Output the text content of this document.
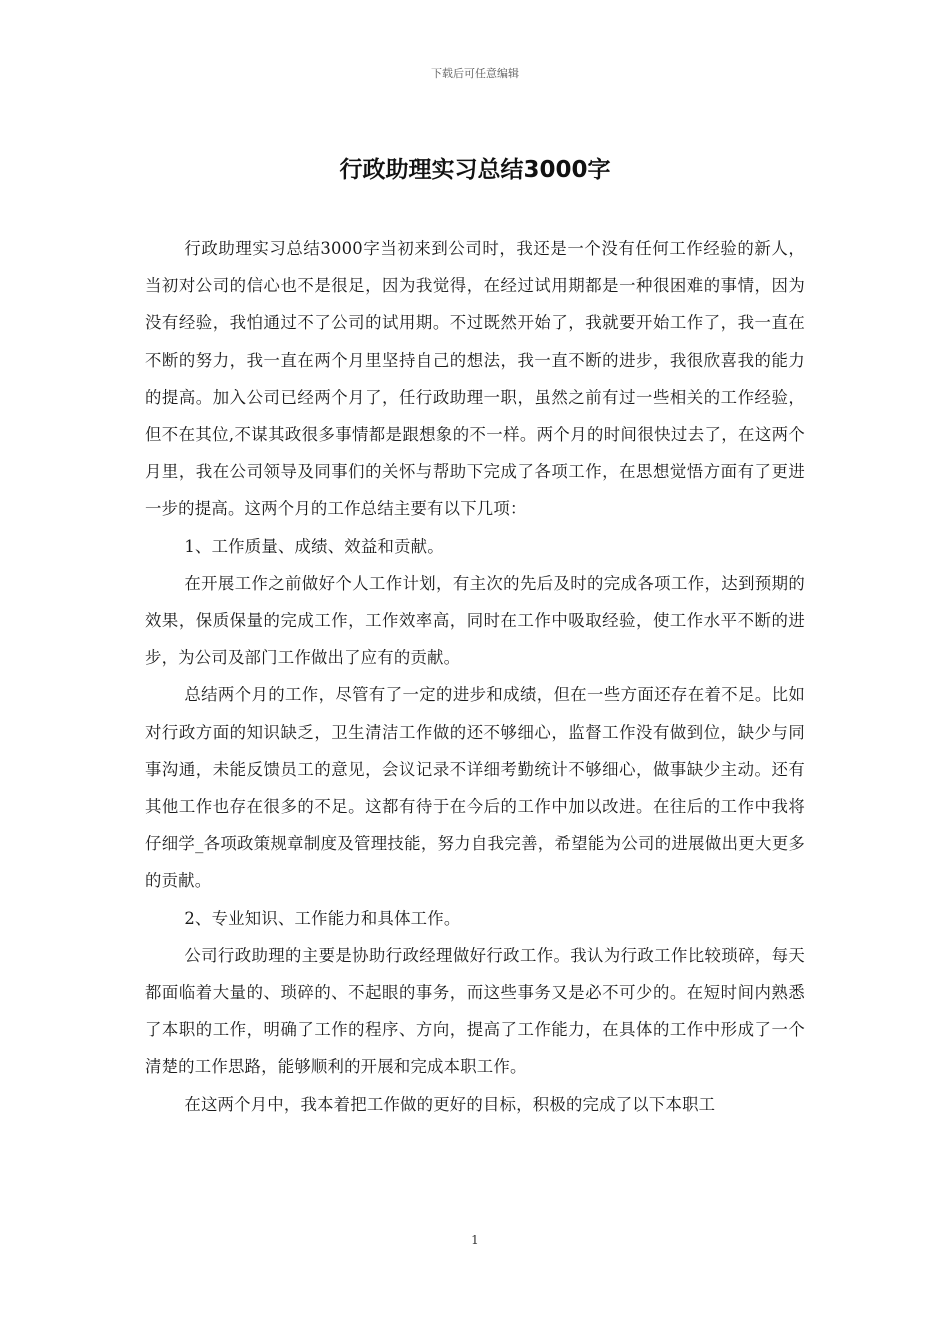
下载后可任意编辑
行政助理实习总结3000字

行政助理实习总结3000字当初来到公司时，我还是一个没有任何工作经验的新人，当初对公司的信心也不是很足，因为我觉得，在经过试用期都是一种很困难的事情，因为没有经验，我怕通过不了公司的试用期。不过既然开始了，我就要开始工作了，我一直在不断的努力，我一直在两个月里坚持自己的想法，我一直不断的进步，我很欣喜我的能力的提高。加入公司已经两个月了，任行政助理一职，虽然之前有过一些相关的工作经验，但不在其位,不谋其政很多事情都是跟想象的不一样。两个月的时间很快过去了，在这两个月里，我在公司领导及同事们的关怀与帮助下完成了各项工作，在思想觉悟方面有了更进一步的提高。这两个月的工作总结主要有以下几项：

1、工作质量、成绩、效益和贡献。

在开展工作之前做好个人工作计划，有主次的先后及时的完成各项工作，达到预期的效果，保质保量的完成工作，工作效率高，同时在工作中吸取经验，使工作水平不断的进步，为公司及部门工作做出了应有的贡献。

总结两个月的工作，尽管有了一定的进步和成绩，但在一些方面还存在着不足。比如对行政方面的知识缺乏，卫生清洁工作做的还不够细心，监督工作没有做到位，缺少与同事沟通，未能反馈员工的意见，会议记录不详细考勤统计不够细心，做事缺少主动。还有其他工作也存在很多的不足。这都有待于在今后的工作中加以改进。在往后的工作中我将仔细学_各项政策规章制度及管理技能，努力自我完善，希望能为公司的进展做出更大更多的贡献。

2、专业知识、工作能力和具体工作。

公司行政助理的主要是协助行政经理做好行政工作。我认为行政工作比较琐碎，每天都面临着大量的、琐碎的、不起眼的事务，而这些事务又是必不可少的。在短时间内熟悉了本职的工作，明确了工作的程序、方向，提高了工作能力，在具体的工作中形成了一个清楚的工作思路，能够顺利的开展和完成本职工作。

在这两个月中，我本着把工作做的更好的目标，积极的完成了以下本职工

1
